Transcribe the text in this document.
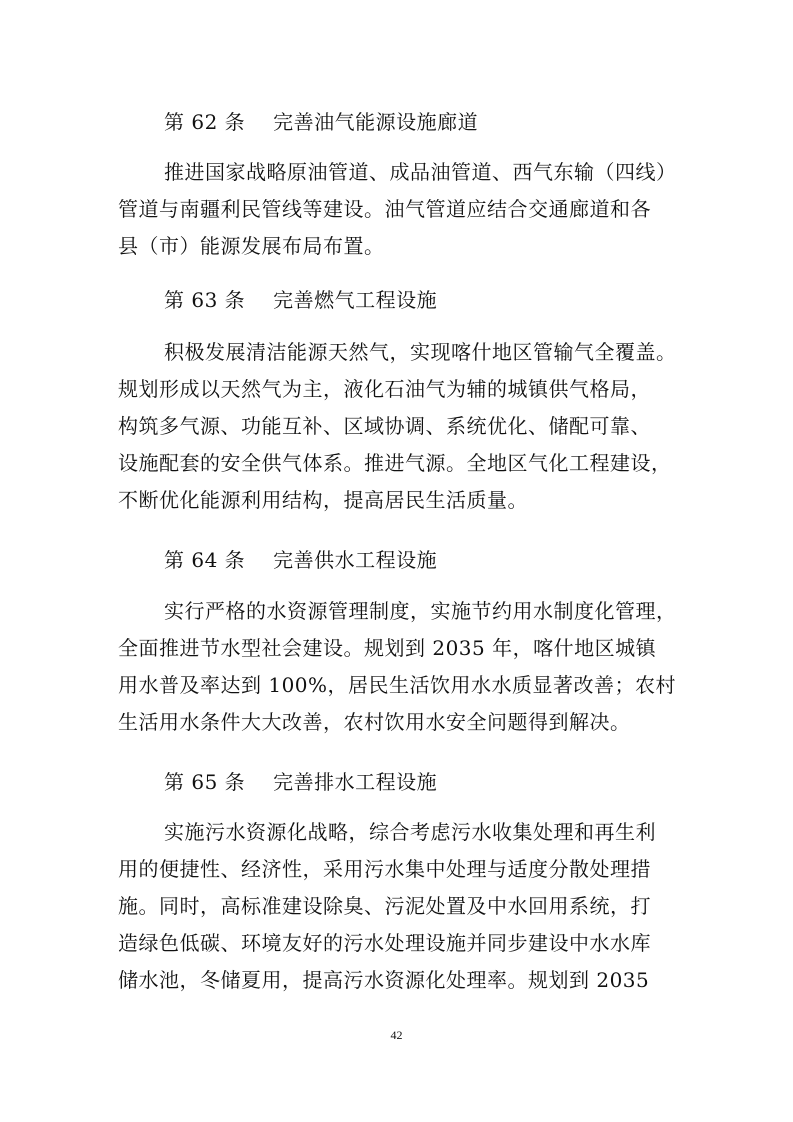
第 62 条 完善油气能源设施廊道
推进国家战略原油管道、成品油管道、西气东输（四线）
管道与南疆利民管线等建设。油气管道应结合交通廊道和各
县（市）能源发展布局布置。
第 63 条 完善燃气工程设施
积极发展清洁能源天然气，实现喀什地区管输气全覆盖。
规划形成以天然气为主，液化石油气为辅的城镇供气格局，
构筑多气源、功能互补、区域协调、系统优化、储配可靠、
设施配套的安全供气体系。推进气源。全地区气化工程建设，
不断优化能源利用结构，提高居民生活质量。
第 64 条 完善供水工程设施
实行严格的水资源管理制度，实施节约用水制度化管理，
全面推进节水型社会建设。规划到 2035 年，喀什地区城镇
用水普及率达到 100%，居民生活饮用水水质显著改善；农村
生活用水条件大大改善，农村饮用水安全问题得到解决。
第 65 条 完善排水工程设施
实施污水资源化战略，综合考虑污水收集处理和再生利
用的便捷性、经济性，采用污水集中处理与适度分散处理措
施。同时，高标准建设除臭、污泥处置及中水回用系统，打
造绿色低碳、环境友好的污水处理设施并同步建设中水水库
储水池，冬储夏用，提高污水资源化处理率。规划到 2035
42
